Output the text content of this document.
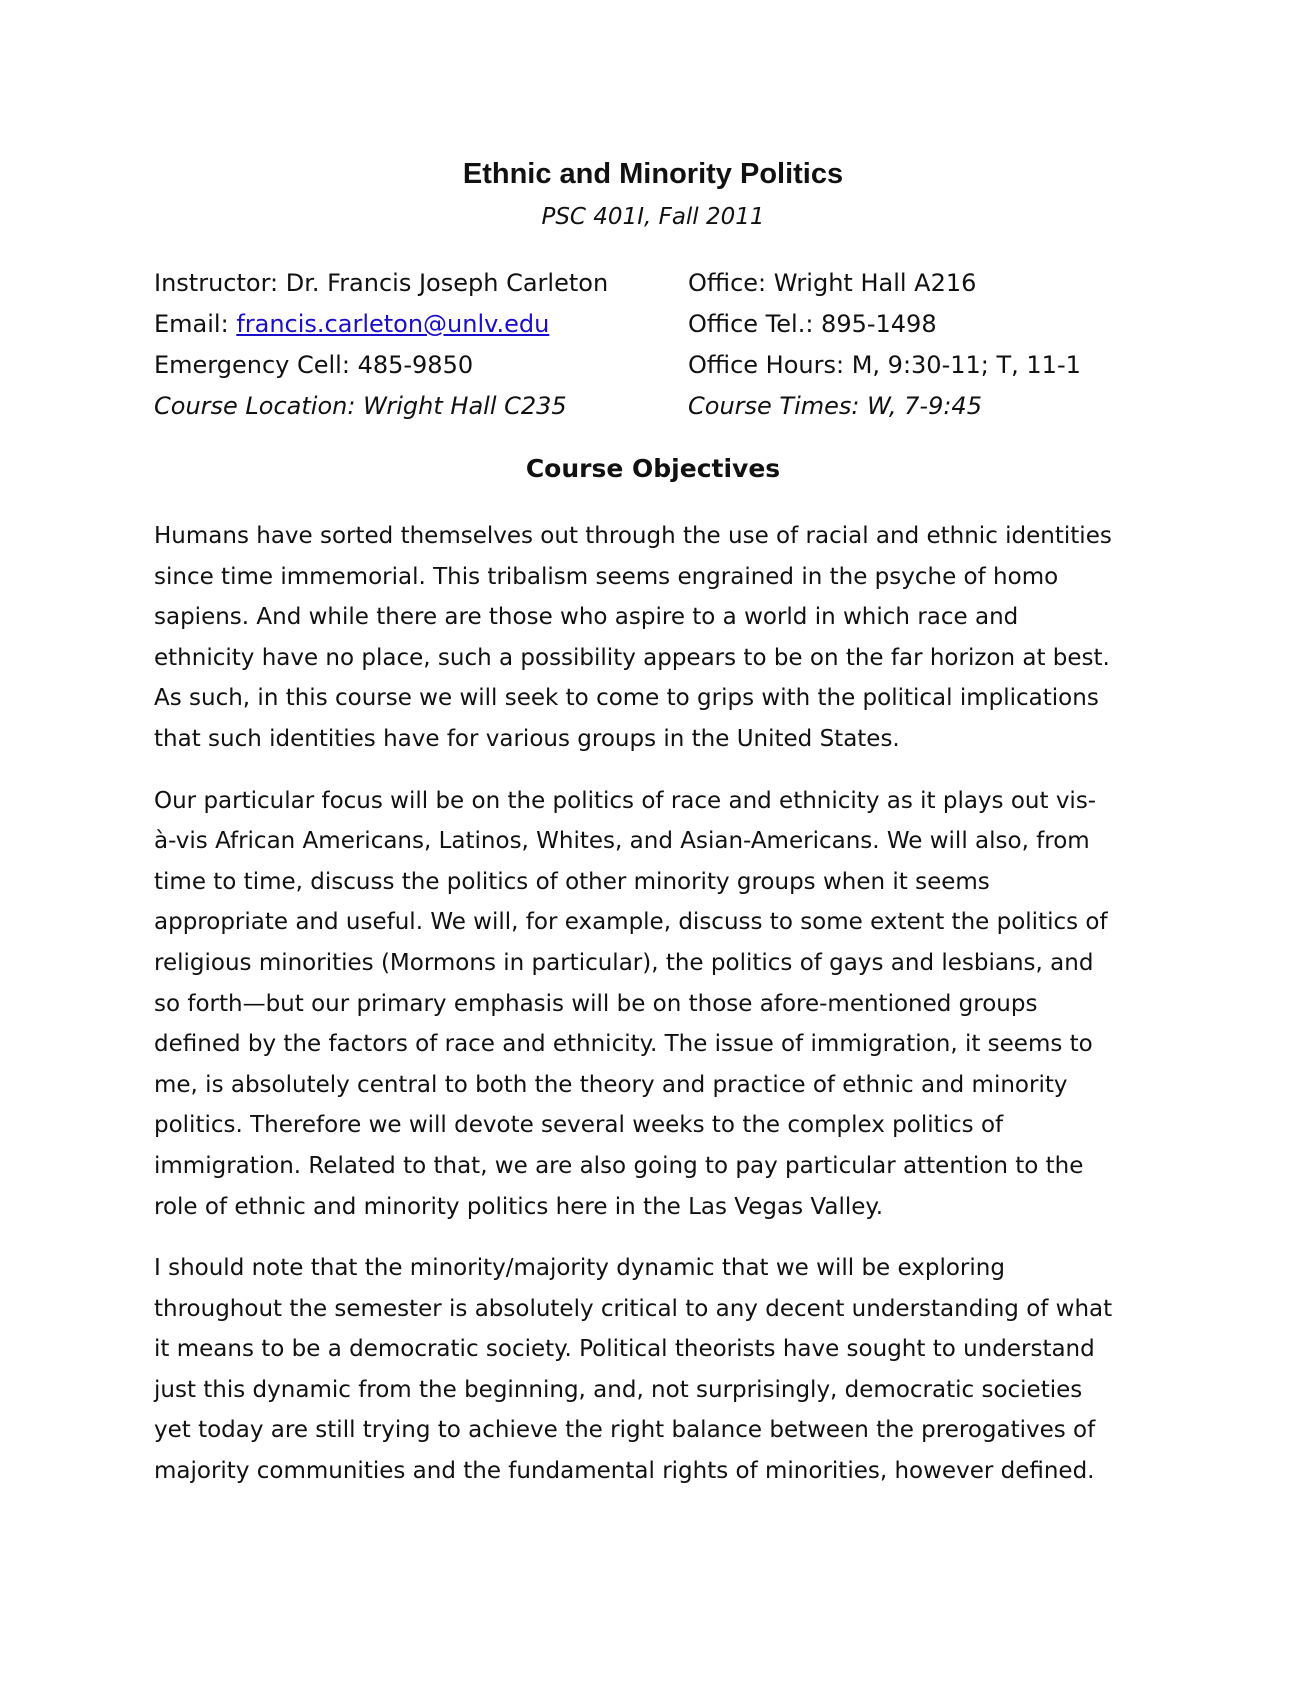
Ethnic and Minority Politics
PSC 401I, Fall 2011
Instructor: Dr. Francis Joseph Carleton	Office: Wright Hall A216
Email: francis.carleton@unlv.edu	Office Tel.: 895-1498
Emergency Cell: 485-9850	Office Hours: M, 9:30-11; T, 11-1
Course Location: Wright Hall C235	Course Times: W, 7-9:45
Course Objectives

Humans have sorted themselves out through the use of racial and ethnic identities
since time immemorial. This tribalism seems engrained in the psyche of homo
sapiens. And while there are those who aspire to a world in which race and
ethnicity have no place, such a possibility appears to be on the far horizon at best.
As such, in this course we will seek to come to grips with the political implications
that such identities have for various groups in the United States.

Our particular focus will be on the politics of race and ethnicity as it plays out vis-
à-vis African Americans, Latinos, Whites, and Asian-Americans. We will also, from
time to time, discuss the politics of other minority groups when it seems
appropriate and useful. We will, for example, discuss to some extent the politics of
religious minorities (Mormons in particular), the politics of gays and lesbians, and
so forth—but our primary emphasis will be on those afore-mentioned groups
defined by the factors of race and ethnicity. The issue of immigration, it seems to
me, is absolutely central to both the theory and practice of ethnic and minority
politics. Therefore we will devote several weeks to the complex politics of
immigration. Related to that, we are also going to pay particular attention to the
role of ethnic and minority politics here in the Las Vegas Valley.

I should note that the minority/majority dynamic that we will be exploring
throughout the semester is absolutely critical to any decent understanding of what
it means to be a democratic society. Political theorists have sought to understand
just this dynamic from the beginning, and, not surprisingly, democratic societies
yet today are still trying to achieve the right balance between the prerogatives of
majority communities and the fundamental rights of minorities, however defined.
